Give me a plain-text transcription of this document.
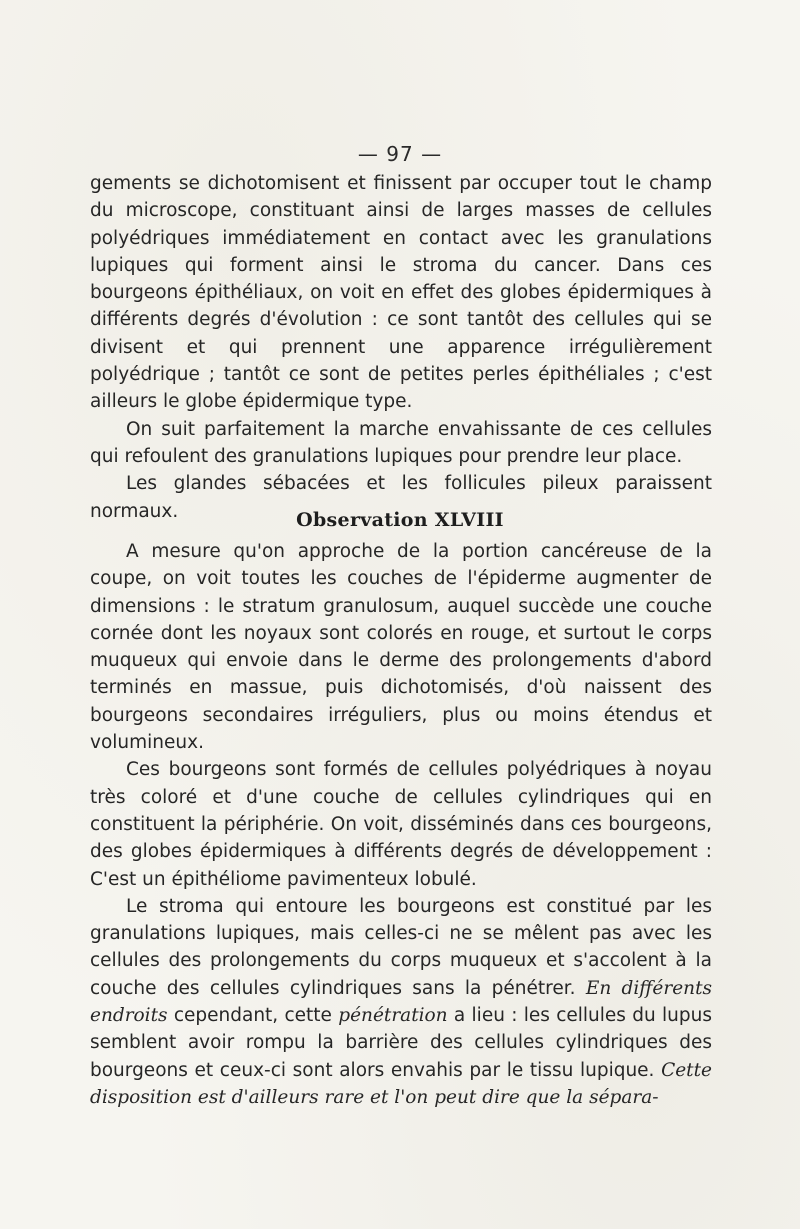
— 97 —

gements se dichotomisent et finissent par occuper tout le champ du microscope, constituant ainsi de larges masses de cellules polyédriques immédiatement en contact avec les granulations lupiques qui forment ainsi le stroma du cancer. Dans ces bourgeons épithéliaux, on voit en effet des globes épidermiques à différents degrés d'évolution : ce sont tantôt des cellules qui se divisent et qui prennent une apparence irrégulièrement polyédrique ; tantôt ce sont de petites perles épithéliales ; c'est ailleurs le globe épidermique type.

On suit parfaitement la marche envahissante de ces cellules qui refoulent des granulations lupiques pour prendre leur place.

Les glandes sébacées et les follicules pileux paraissent normaux.	Observation XLVIII

A mesure qu'on approche de la portion cancéreuse de la coupe, on voit toutes les couches de l'épiderme augmenter de dimensions : le stratum granulosum, auquel succède une couche cornée dont les noyaux sont colorés en rouge, et surtout le corps muqueux qui envoie dans le derme des prolongements d'abord terminés en massue, puis dichotomisés, d'où naissent des bourgeons secondaires irréguliers, plus ou moins étendus et volumineux.

Ces bourgeons sont formés de cellules polyédriques à noyau très coloré et d'une couche de cellules cylindriques qui en constituent la périphérie. On voit, disséminés dans ces bourgeons, des globes épidermiques à différents degrés de développement : C'est un épithéliome pavimenteux lobulé.

Le stroma qui entoure les bourgeons est constitué par les granulations lupiques, mais celles-ci ne se mêlent pas avec les cellules des prolongements du corps muqueux et s'accolent à la couche des cellules cylindriques sans la pénétrer. En différents endroits cependant, cette pénétration a lieu : les cellules du lupus semblent avoir rompu la barrière des cellules cylindriques des bourgeons et ceux-ci sont alors envahis par le tissu lupique. Cette disposition est d'ailleurs rare et l'on peut dire que la sépara-
